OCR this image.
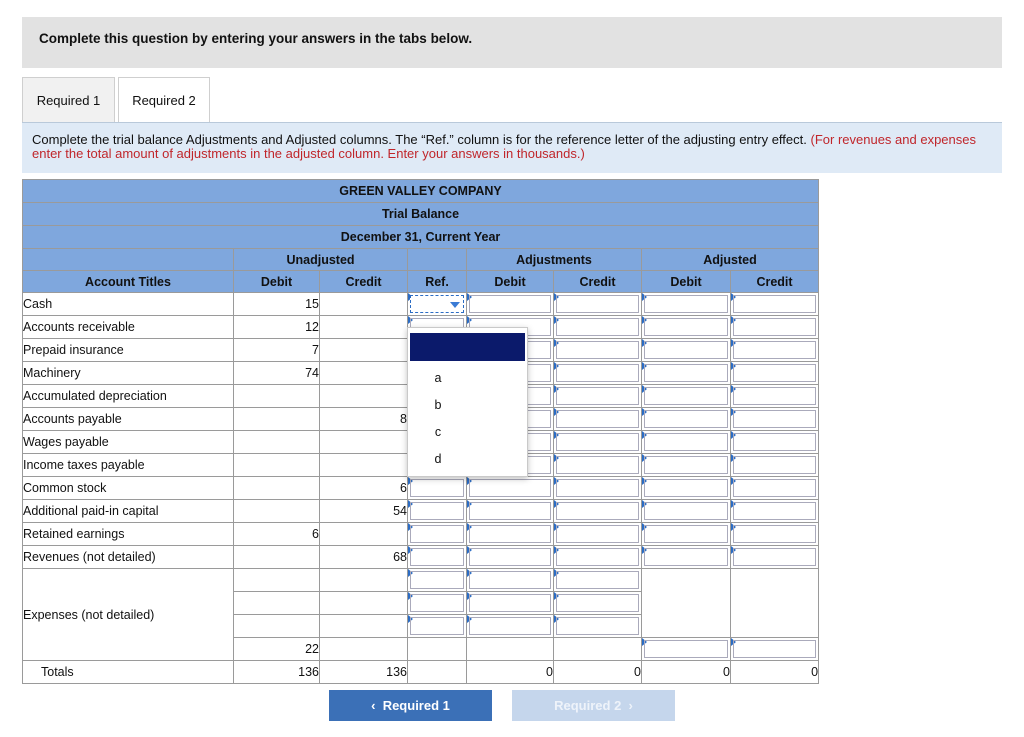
Complete this question by entering your answers in the tabs below.
Required 1	Required 2
Complete the trial balance Adjustments and Adjusted columns. The “Ref.” column is for the reference letter of the adjusting entry effect. (For revenues and expenses enter the total amount of adjustments in the adjusted column. Enter your answers in thousands.)
GREEN VALLEY COMPANY							
Trial Balance							
December 31, Current Year							
	Unadjusted			Adjustments		Adjusted	
Account Titles	Debit	Credit	Ref.	Debit	Credit	Debit	Credit
Cash	15		

Accounts receivable	12		

Prepaid insurance	7		

Machinery	74		

Accumulated depreciation			

Accounts payable		8	

Wages payable			

Income taxes payable			

Common stock		6	

Additional paid-in capital		54	

Retained earnings	6		

Revenues (not detailed)		68	

Expenses (not detailed)			

	22					

Totals	136	136		0	0	0	0
a
b
c
d
‹  Required 1	Required 2  ›
